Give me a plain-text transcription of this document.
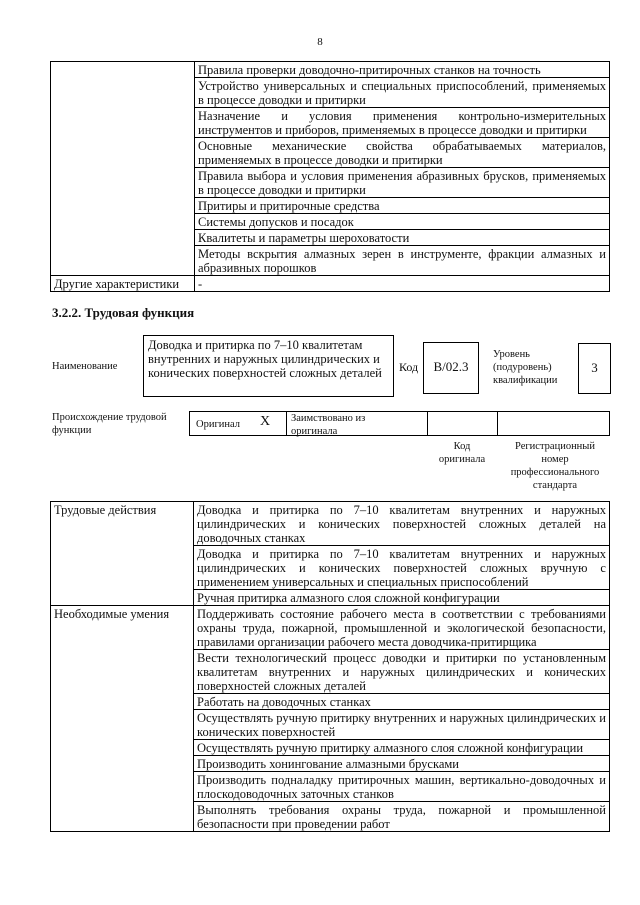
8
	Правила проверки доводочно-притирочных станков на точность
	Устройство универсальных и специальных приспособлений, применяемых в процессе доводки и притирки
	Назначение и условия применения контрольно-измерительных инструментов и приборов, применяемых в процессе доводки и притирки
	Основные механические свойства обрабатываемых материалов, применяемых в процессе доводки и притирки
	Правила выбора и условия применения абразивных брусков, применяемых в процессе доводки и притирки
	Притиры и притирочные средства
	Системы допусков и посадок
	Квалитеты и параметры шероховатости
	Методы вскрытия алмазных зерен в инструменте, фракции алмазных и абразивных порошков
Другие характеристики	-
3.2.2. Трудовая функция
Наименование
Доводка и притирка по 7–10 квалитетам внутренних и наружных цилиндрических и конических поверхностей сложных деталей	Код	B/02.3
Уровень (подуровень) квалификации
3
Происхождение трудовой функции
Оригинал X Заимствовано из оригинала
Код оригинала
Регистрационный номер профессионального стандарта
Трудовые действия	Доводка и притирка по 7–10 квалитетам внутренних и наружных цилиндрических и конических поверхностей сложных деталей на доводочных станках
	Доводка и притирка по 7–10 квалитетам внутренних и наружных цилиндрических и конических поверхностей сложных вручную с применением универсальных и специальных приспособлений
	Ручная притирка алмазного слоя сложной конфигурации
Необходимые умения	Поддерживать состояние рабочего места в соответствии с требованиями охраны труда, пожарной, промышленной и экологической безопасности, правилами организации рабочего места доводчика-притирщика
	Вести технологический процесс доводки и притирки по установленным квалитетам внутренних и наружных цилиндрических и конических поверхностей сложных деталей
	Работать на доводочных станках
	Осуществлять ручную притирку внутренних и наружных цилиндрических и конических поверхностей
	Осуществлять ручную притирку алмазного слоя сложной конфигурации
	Производить хонингование алмазными брусками
	Производить подналадку притирочных машин, вертикально-доводочных и плоскодоводочных заточных станков
	Выполнять требования охраны труда, пожарной и промышленной безопасности при проведении работ
